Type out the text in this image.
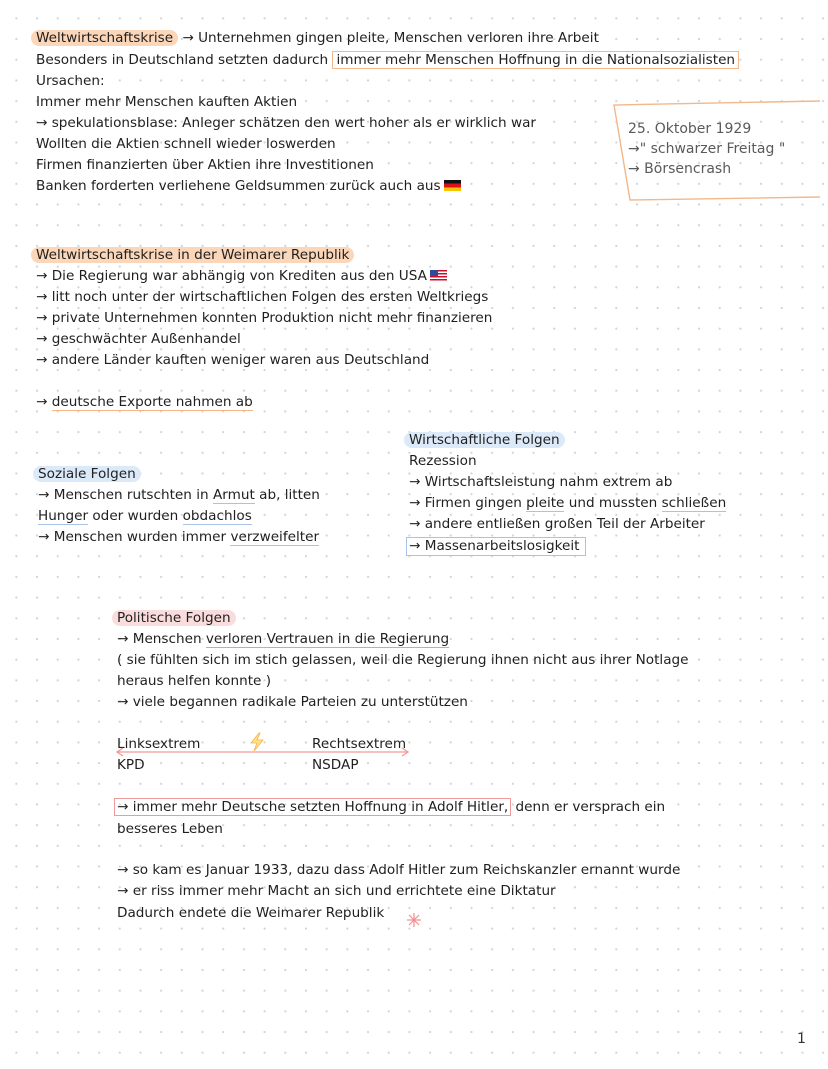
Weltwirtschaftskrise → Unternehmen gingen pleite, Menschen verloren ihre Arbeit
Besonders in Deutschland setzten dadurch immer mehr Menschen Hoffnung in die Nationalsozialisten
Ursachen:
Immer mehr Menschen kauften Aktien
→ spekulationsblase: Anleger schätzen den wert hoher als er wirklich war
Wollten die Aktien schnell wieder loswerden
Firmen finanzierten über Aktien ihre Investitionen
Banken forderten verliehene Geldsummen zurück auch aus
25. Oktober 1929
→" schwarzer Freitag "
→ Börsencrash
Weltwirtschaftskrise in der Weimarer Republik
→ Die Regierung war abhängig von Krediten aus den USA
→ litt noch unter der wirtschaftlichen Folgen des ersten Weltkriegs
→ private Unternehmen konnten Produktion nicht mehr finanzieren
→ geschwächter Außenhandel
→ andere Länder kauften weniger waren aus Deutschland
→ deutsche Exporte nahmen ab
Wirtschaftliche Folgen
Rezession
→ Wirtschaftsleistung nahm extrem ab
→ Firmen gingen pleite und mussten schließen
→ andere entließen großen Teil der Arbeiter
→ Massenarbeitslosigkeit
Soziale Folgen
→ Menschen rutschten in Armut ab, litten
Hunger oder wurden obdachlos
→ Menschen wurden immer verzweifelter
Politische Folgen
→ Menschen verloren Vertrauen in die Regierung
( sie fühlten sich im stich gelassen, weil die Regierung ihnen nicht aus ihrer Notlage
heraus helfen konnte )
→ viele begannen radikale Parteien zu unterstützen
Linksextrem	Rechtsextrem
KPD	NSDAP
→ immer mehr Deutsche setzten Hoffnung in Adolf Hitler, denn er versprach ein
besseres Leben
→ so kam es Januar 1933, dazu dass Adolf Hitler zum Reichskanzler ernannt wurde
→ er riss immer mehr Macht an sich und errichtete eine Diktatur
Dadurch endete die Weimarer Republik
1
